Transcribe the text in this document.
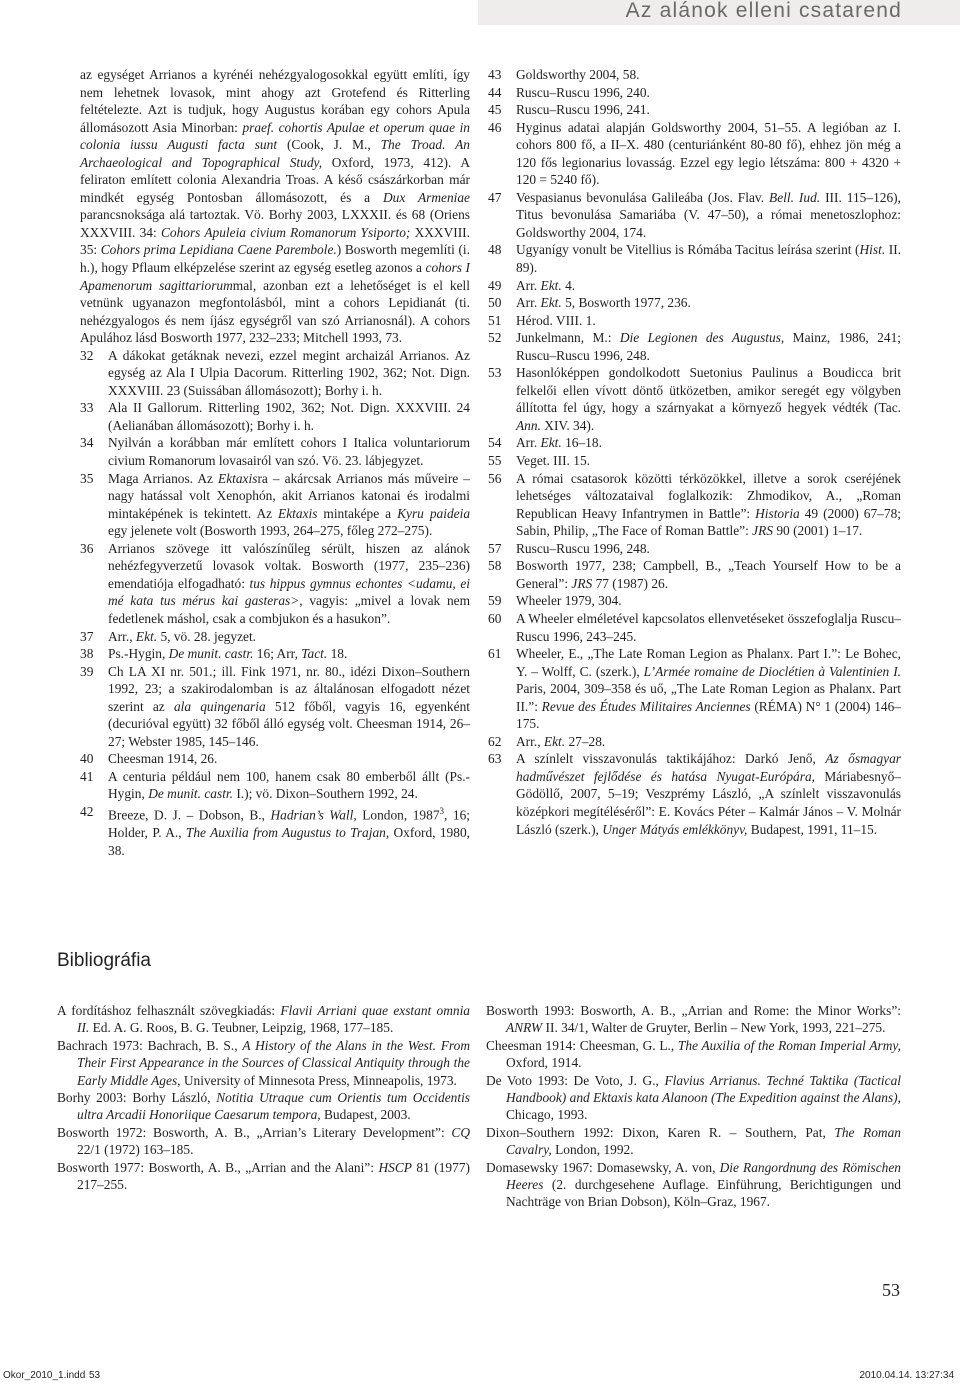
Az alánok elleni csatarend
az egységet Arrianos a kyrénéi nehézgyalogosokkal együtt említi, így nem lehetnek lovasok, mint ahogy azt Grotefend és Ritterling feltételezte. Azt is tudjuk, hogy Augustus korában egy cohors Apula állomásozott Asia Minorban: praef. cohortis Apulae et operum quae in colonia iussu Augusti facta sunt (Cook, J. M., The Troad. An Archaeological and Topographical Study, Oxford, 1973, 412). A feliraton említett colonia Alexandria Troas. A késő császárkorban már mindkét egység Pontosban állomásozott, és a Dux Armeniae parancsnoksága alá tartoztak. Vö. Borhy 2003, LXXXII. és 68 (Oriens XXXVIII. 34: Cohors Apuleia civium Romanorum Ysiporto; XXXVIII. 35: Cohors prima Lepidiana Caene Parembole.) Bosworth megemlíti (i. h.), hogy Pflaum elképzelése szerint az egység esetleg azonos a cohors I Apamenorum sagittariorummal, azonban ezt a lehetőséget is el kell vetnünk ugyanazon megfontolásból, mint a cohors Lepidianát (ti. nehézgyalogos és nem íjász egységről van szó Arrianosnál). A cohors Apulához lásd Bosworth 1977, 232–233; Mitchell 1993, 73.
32	A dákokat getáknak nevezi, ezzel megint archaizál Arrianos. Az egység az Ala I Ulpia Dacorum. Ritterling 1902, 362; Not. Dign. XXXVIII. 23 (Suissában állomásozott); Borhy i. h.
33	Ala II Gallorum. Ritterling 1902, 362; Not. Dign. XXXVIII. 24 (Aelianában állomásozott); Borhy i. h.
34	Nyilván a korábban már említett cohors I Italica voluntariorum civium Romanorum lovasairól van szó. Vö. 23. lábjegyzet.
35	Maga Arrianos. Az Ektaxisra – akárcsak Arrianos más műveire – nagy hatással volt Xenophón, akit Arrianos katonai és irodalmi mintaképének is tekintett. Az Ektaxis mintaképe a Kyru paideia egy jelenete volt (Bosworth 1993, 264–275, főleg 272–275).
36	Arrianos szövege itt valószínűleg sérült, hiszen az alánok nehézfegyverzetű lovasok voltak. Bosworth (1977, 235–236) emendatiója elfogadható: tus hippus gymnus echontes <udamu, ei mé kata tus mérus kai gasteras>, vagyis: „mivel a lovak nem fedetlenek máshol, csak a combjukon és a hasukon”.
37	Arr., Ekt. 5, vö. 28. jegyzet.
38	Ps.-Hygin, De munit. castr. 16; Arr, Tact. 18.
39	Ch LA XI nr. 501.; ill. Fink 1971, nr. 80., idézi Dixon–Southern 1992, 23; a szakirodalomban is az általánosan elfogadott nézet szerint az ala quingenaria 512 főből, vagyis 16, egyenként (decurióval együtt) 32 főből álló egység volt. Cheesman 1914, 26–27; Webster 1985, 145–146.
40	Cheesman 1914, 26.
41	A centuria például nem 100, hanem csak 80 emberből állt (Ps.-Hygin, De munit. castr. I.); vö. Dixon–Southern 1992, 24.
42	Breeze, D. J. – Dobson, B., Hadrian’s Wall, London, 1987$^3$, 16; Holder, P. A., The Auxilia from Augustus to Trajan, Oxford, 1980, 38.
43	Goldsworthy 2004, 58.
44	Ruscu–Ruscu 1996, 240.
45	Ruscu–Ruscu 1996, 241.
46	Hyginus adatai alapján Goldsworthy 2004, 51–55. A legióban az I. cohors 800 fő, a II–X. 480 (centuriánként 80-80 fő), ehhez jön még a 120 fős legionarius lovasság. Ezzel egy legio létszáma: 800 + 4320 + 120 = 5240 fő).
47	Vespasianus bevonulása Galileába (Jos. Flav. Bell. Iud. III. 115–126), Titus bevonulása Samariába (V. 47–50), a római menetoszlophoz: Goldsworthy 2004, 174.
48	Ugyanígy vonult be Vitellius is Rómába Tacitus leírása szerint (Hist. II. 89).
49	Arr. Ekt. 4.
50	Arr. Ekt. 5, Bosworth 1977, 236.
51	Hérod. VIII. 1.
52	Junkelmann, M.: Die Legionen des Augustus, Mainz, 1986, 241; Ruscu–Ruscu 1996, 248.
53	Hasonlóképpen gondolkodott Suetonius Paulinus a Boudicca brit felkelői ellen vívott döntő ütközetben, amikor seregét egy völgyben állította fel úgy, hogy a szárnyakat a környező hegyek védték (Tac. Ann. XIV. 34).
54	Arr. Ekt. 16–18.
55	Veget. III. 15.
56	A római csatasorok közötti térközökkel, illetve a sorok cseréjének lehetséges változataival foglalkozik: Zhmodikov, A., „Roman Republican Heavy Infantrymen in Battle”: Historia 49 (2000) 67–78; Sabin, Philip, „The Face of Roman Battle”: JRS 90 (2001) 1–17.
57	Ruscu–Ruscu 1996, 248.
58	Bosworth 1977, 238; Campbell, B., „Teach Yourself How to be a General”: JRS 77 (1987) 26.
59	Wheeler 1979, 304.
60	A Wheeler elméletével kapcsolatos ellenvetéseket összefoglalja Ruscu–Ruscu 1996, 243–245.
61	Wheeler, E., „The Late Roman Legion as Phalanx. Part I.”: Le Bohec, Y. – Wolff, C. (szerk.), L’Armée romaine de Dioclétien à Valentinien I. Paris, 2004, 309–358 és uő, „The Late Roman Legion as Phalanx. Part II.”: Revue des Études Militaires Anciennes (RÉMA) N° 1 (2004) 146–175.
62	Arr., Ekt. 27–28.
63	A színlelt visszavonulás taktikájához: Darkó Jenő, Az ősmagyar hadművészet fejlődése és hatása Nyugat-Európára, Máriabesnyő–Gödöllő, 2007, 5–19; Veszprémy László, „A színlelt visszavonulás középkori megítéléséről”: E. Kovács Péter – Kalmár János – V. Molnár László (szerk.), Unger Mátyás emlékkönyv, Budapest, 1991, 11–15.
Bibliográfia
A fordításhoz felhasznált szövegkiadás: Flavii Arriani quae exstant omnia II. Ed. A. G. Roos, B. G. Teubner, Leipzig, 1968, 177–185.
Bachrach 1973: Bachrach, B. S., A History of the Alans in the West. From Their First Appearance in the Sources of Classical Antiquity through the Early Middle Ages, University of Minnesota Press, Minneapolis, 1973.
Borhy 2003: Borhy László, Notitia Utraque cum Orientis tum Occidentis ultra Arcadii Honoriique Caesarum tempora, Budapest, 2003.
Bosworth 1972: Bosworth, A. B., „Arrian’s Literary Development”: CQ 22/1 (1972) 163–185.
Bosworth 1977: Bosworth, A. B., „Arrian and the Alani”: HSCP 81 (1977) 217–255.
Bosworth 1993: Bosworth, A. B., „Arrian and Rome: the Minor Works”: ANRW II. 34/1, Walter de Gruyter, Berlin – New York, 1993, 221–275.
Cheesman 1914: Cheesman, G. L., The Auxilia of the Roman Imperial Army, Oxford, 1914.
De Voto 1993: De Voto, J. G., Flavius Arrianus. Techné Taktika (Tactical Handbook) and Ektaxis kata Alanoon (The Expedition against the Alans), Chicago, 1993.
Dixon–Southern 1992: Dixon, Karen R. – Southern, Pat, The Roman Cavalry, London, 1992.
Domasewsky 1967: Domasewsky, A. von, Die Rangordnung des Römischen Heeres (2. durchgesehene Auflage. Einführung, Berichtigungen und Nachträge von Brian Dobson), Köln–Graz, 1967.
53
Okor_2010_1.indd 53	2010.04.14. 13:27:34
